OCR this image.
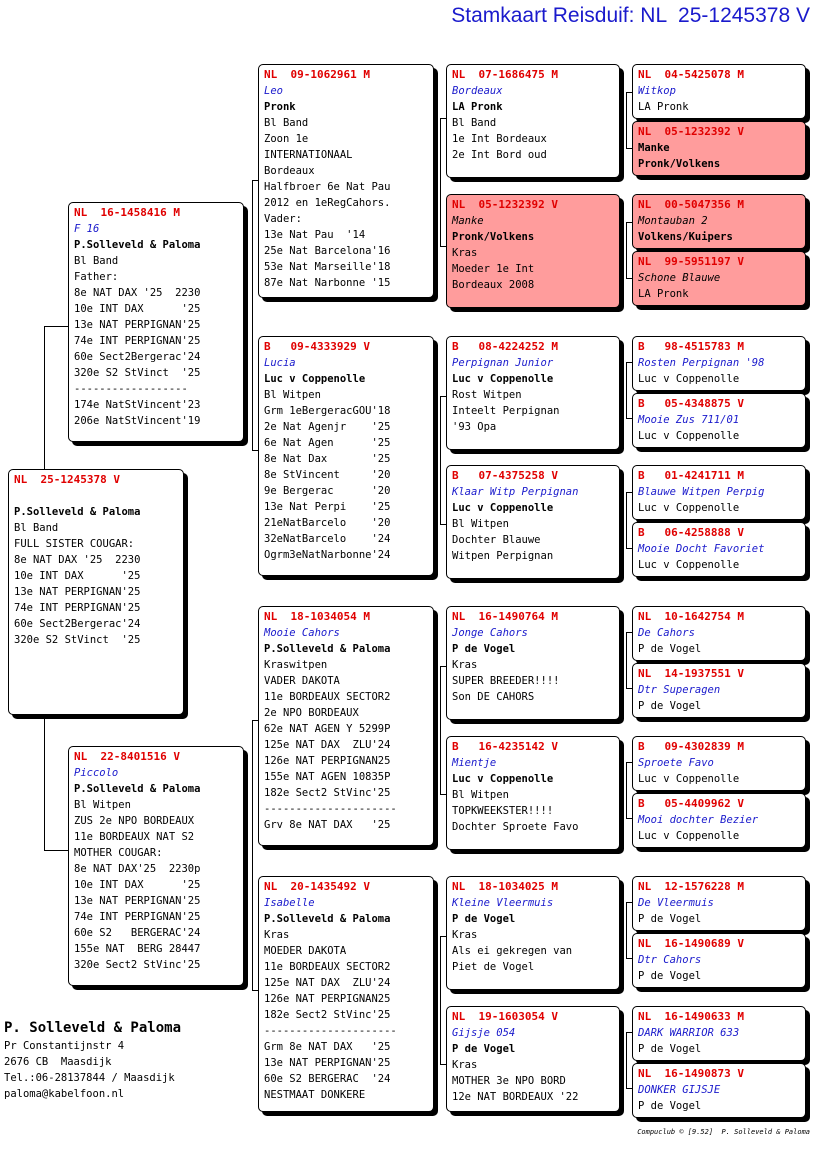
Stamkaart Reisduif: NL  25-1245378 V
NL  25-1245378 V
P.Solleveld & Paloma
Bl Band
FULL SISTER COUGAR:
8e NAT DAX '25  2230
10e INT DAX      '25
13e NAT PERPIGNAN'25
74e INT PERPIGNAN'25
60e Sect2Bergerac'24
320e S2 StVinct  '25
NL  16-1458416 M
F 16
P.Solleveld & Paloma
Bl Band
Father:
8e NAT DAX '25  2230
10e INT DAX      '25
13e NAT PERPIGNAN'25
74e INT PERPIGNAN'25
60e Sect2Bergerac'24
320e S2 StVinct  '25
------------------
174e NatStVincent'23
206e NatStVincent'19
NL  22-8401516 V
Piccolo
P.Solleveld & Paloma
Bl Witpen
ZUS 2e NPO BORDEAUX
11e BORDEAUX NAT S2
MOTHER COUGAR:
8e NAT DAX'25  2230p
10e INT DAX      '25
13e NAT PERPIGNAN'25
74e INT PERPIGNAN'25
60e S2   BERGERAC'24
155e NAT  BERG 28447
320e Sect2 StVinc'25
NL  09-1062961 M
Leo
Pronk
Bl Band
Zoon 1e
INTERNATIONAAL
Bordeaux
Halfbroer 6e Nat Pau
2012 en 1eRegCahors.
Vader:
13e Nat Pau  '14
25e Nat Barcelona'16
53e Nat Marseille'18
87e Nat Narbonne '15
B   09-4333929 V
Lucia
Luc v Coppenolle
Bl Witpen
Grm 1eBergeracGOU'18
2e Nat Agenjr    '25
6e Nat Agen      '25
8e Nat Dax       '25
8e StVincent     '20
9e Bergerac      '20
13e Nat Perpi    '25
21eNatBarcelo    '20
32eNatBarcelo    '24
Ogrm3eNatNarbonne'24
NL  18-1034054 M
Mooie Cahors
P.Solleveld & Paloma
Kraswitpen
VADER DAKOTA
11e BORDEAUX SECTOR2
2e NPO BORDEAUX
62e NAT AGEN Y 5299P
125e NAT DAX  ZLU'24
126e NAT PERPIGNAN25
155e NAT AGEN 10835P
182e Sect2 StVinc'25
---------------------
Grv 8e NAT DAX   '25
NL  20-1435492 V
Isabelle
P.Solleveld & Paloma
Kras
MOEDER DAKOTA
11e BORDEAUX SECTOR2
125e NAT DAX  ZLU'24
126e NAT PERPIGNAN25
182e Sect2 StVinc'25
---------------------
Grm 8e NAT DAX   '25
13e NAT PERPIGNAN'25
60e S2 BERGERAC  '24
NESTMAAT DONKERE
NL  07-1686475 M
Bordeaux
LA Pronk
Bl Band
1e Int Bordeaux
2e Int Bord oud
NL  05-1232392 V
Manke
Pronk/Volkens
Kras
Moeder 1e Int
Bordeaux 2008
B   08-4224252 M
Perpignan Junior
Luc v Coppenolle
Rost Witpen
Inteelt Perpignan
'93 Opa
B   07-4375258 V
Klaar Witp Perpignan
Luc v Coppenolle
Bl Witpen
Dochter Blauwe
Witpen Perpignan
NL  16-1490764 M
Jonge Cahors
P de Vogel
Kras
SUPER BREEDER!!!!
Son DE CAHORS
B   16-4235142 V
Mientje
Luc v Coppenolle
Bl Witpen
TOPKWEEKSTER!!!!
Dochter Sproete Favo
NL  18-1034025 M
Kleine Vleermuis
P de Vogel
Kras
Als ei gekregen van
Piet de Vogel
NL  19-1603054 V
Gijsje 054
P de Vogel
Kras
MOTHER 3e NPO BORD
12e NAT BORDEAUX '22
NL  04-5425078 M
Witkop
LA Pronk
NL  05-1232392 V
Manke
Pronk/Volkens
NL  00-5047356 M
Montauban 2
Volkens/Kuipers
NL  99-5951197 V
Schone Blauwe
LA Pronk
B   98-4515783 M
Rosten Perpignan '98
Luc v Coppenolle
B   05-4348875 V
Mooie Zus 711/01
Luc v Coppenolle
B   01-4241711 M
Blauwe Witpen Perpig
Luc v Coppenolle
B   06-4258888 V
Mooie Docht Favoriet
Luc v Coppenolle
NL  10-1642754 M
De Cahors
P de Vogel
NL  14-1937551 V
Dtr Superagen
P de Vogel
B   09-4302839 M
Sproete Favo
Luc v Coppenolle
B   05-4409962 V
Mooi dochter Bezier
Luc v Coppenolle
NL  12-1576228 M
De Vleermuis
P de Vogel
NL  16-1490689 V
Dtr Cahors
P de Vogel
NL  16-1490633 M
DARK WARRIOR 633
P de Vogel
NL  16-1490873 V
DONKER GIJSJE
P de Vogel
P. Solleveld & Paloma
Pr Constantijnstr 4
2676 CB  Maasdijk
Tel.:06-28137844 / Maasdijk
paloma@kabelfoon.nl
Compuclub © [9.52]  P. Solleveld & Paloma
